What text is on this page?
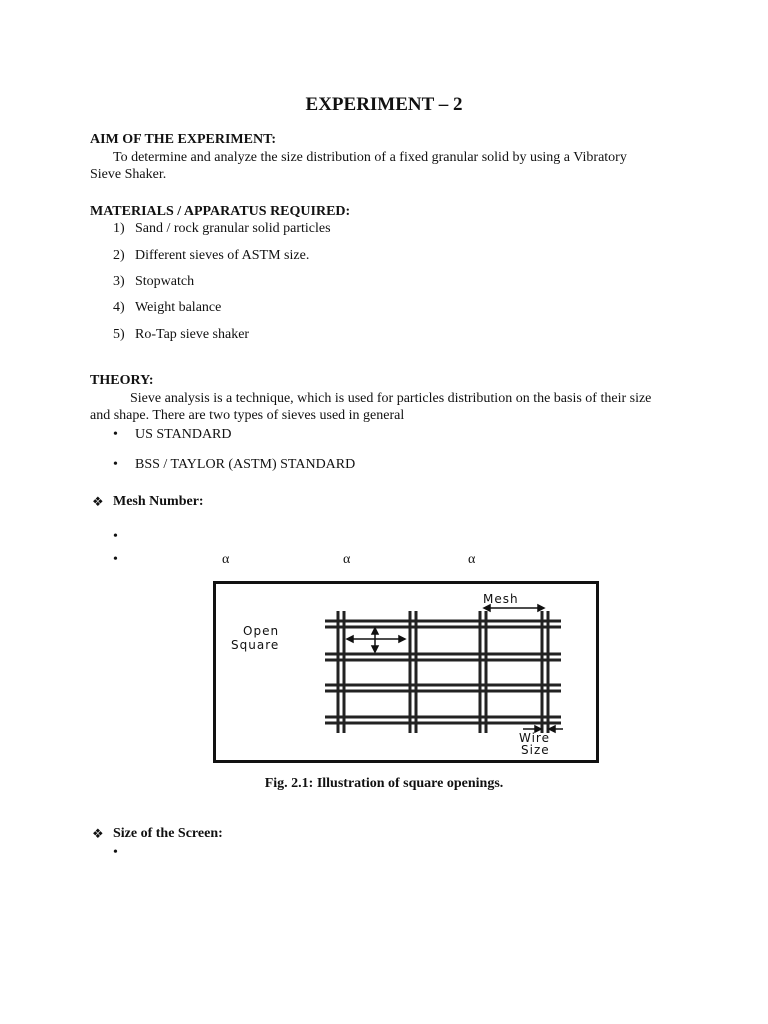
EXPERIMENT – 2
AIM OF THE EXPERIMENT:
To determine and analyze the size distribution of a fixed granular solid by using a Vibratory
Sieve Shaker.
MATERIALS / APPARATUS REQUIRED:
1) Sand / rock granular solid particles
2) Different sieves of ASTM size.
3) Stopwatch
4) Weight balance
5) Ro-Tap sieve shaker
THEORY:
Sieve analysis is a technique, which is used for particles distribution on the basis of their size
and shape. There are two types of sieves used in general
• US STANDARD
• BSS / TAYLOR (ASTM) STANDARD
❖ Mesh Number:
•
•	α	α	α
Mesh
Open
Square
Wire
Size
Fig. 2.1: Illustration of square openings.
❖ Size of the Screen:
•
